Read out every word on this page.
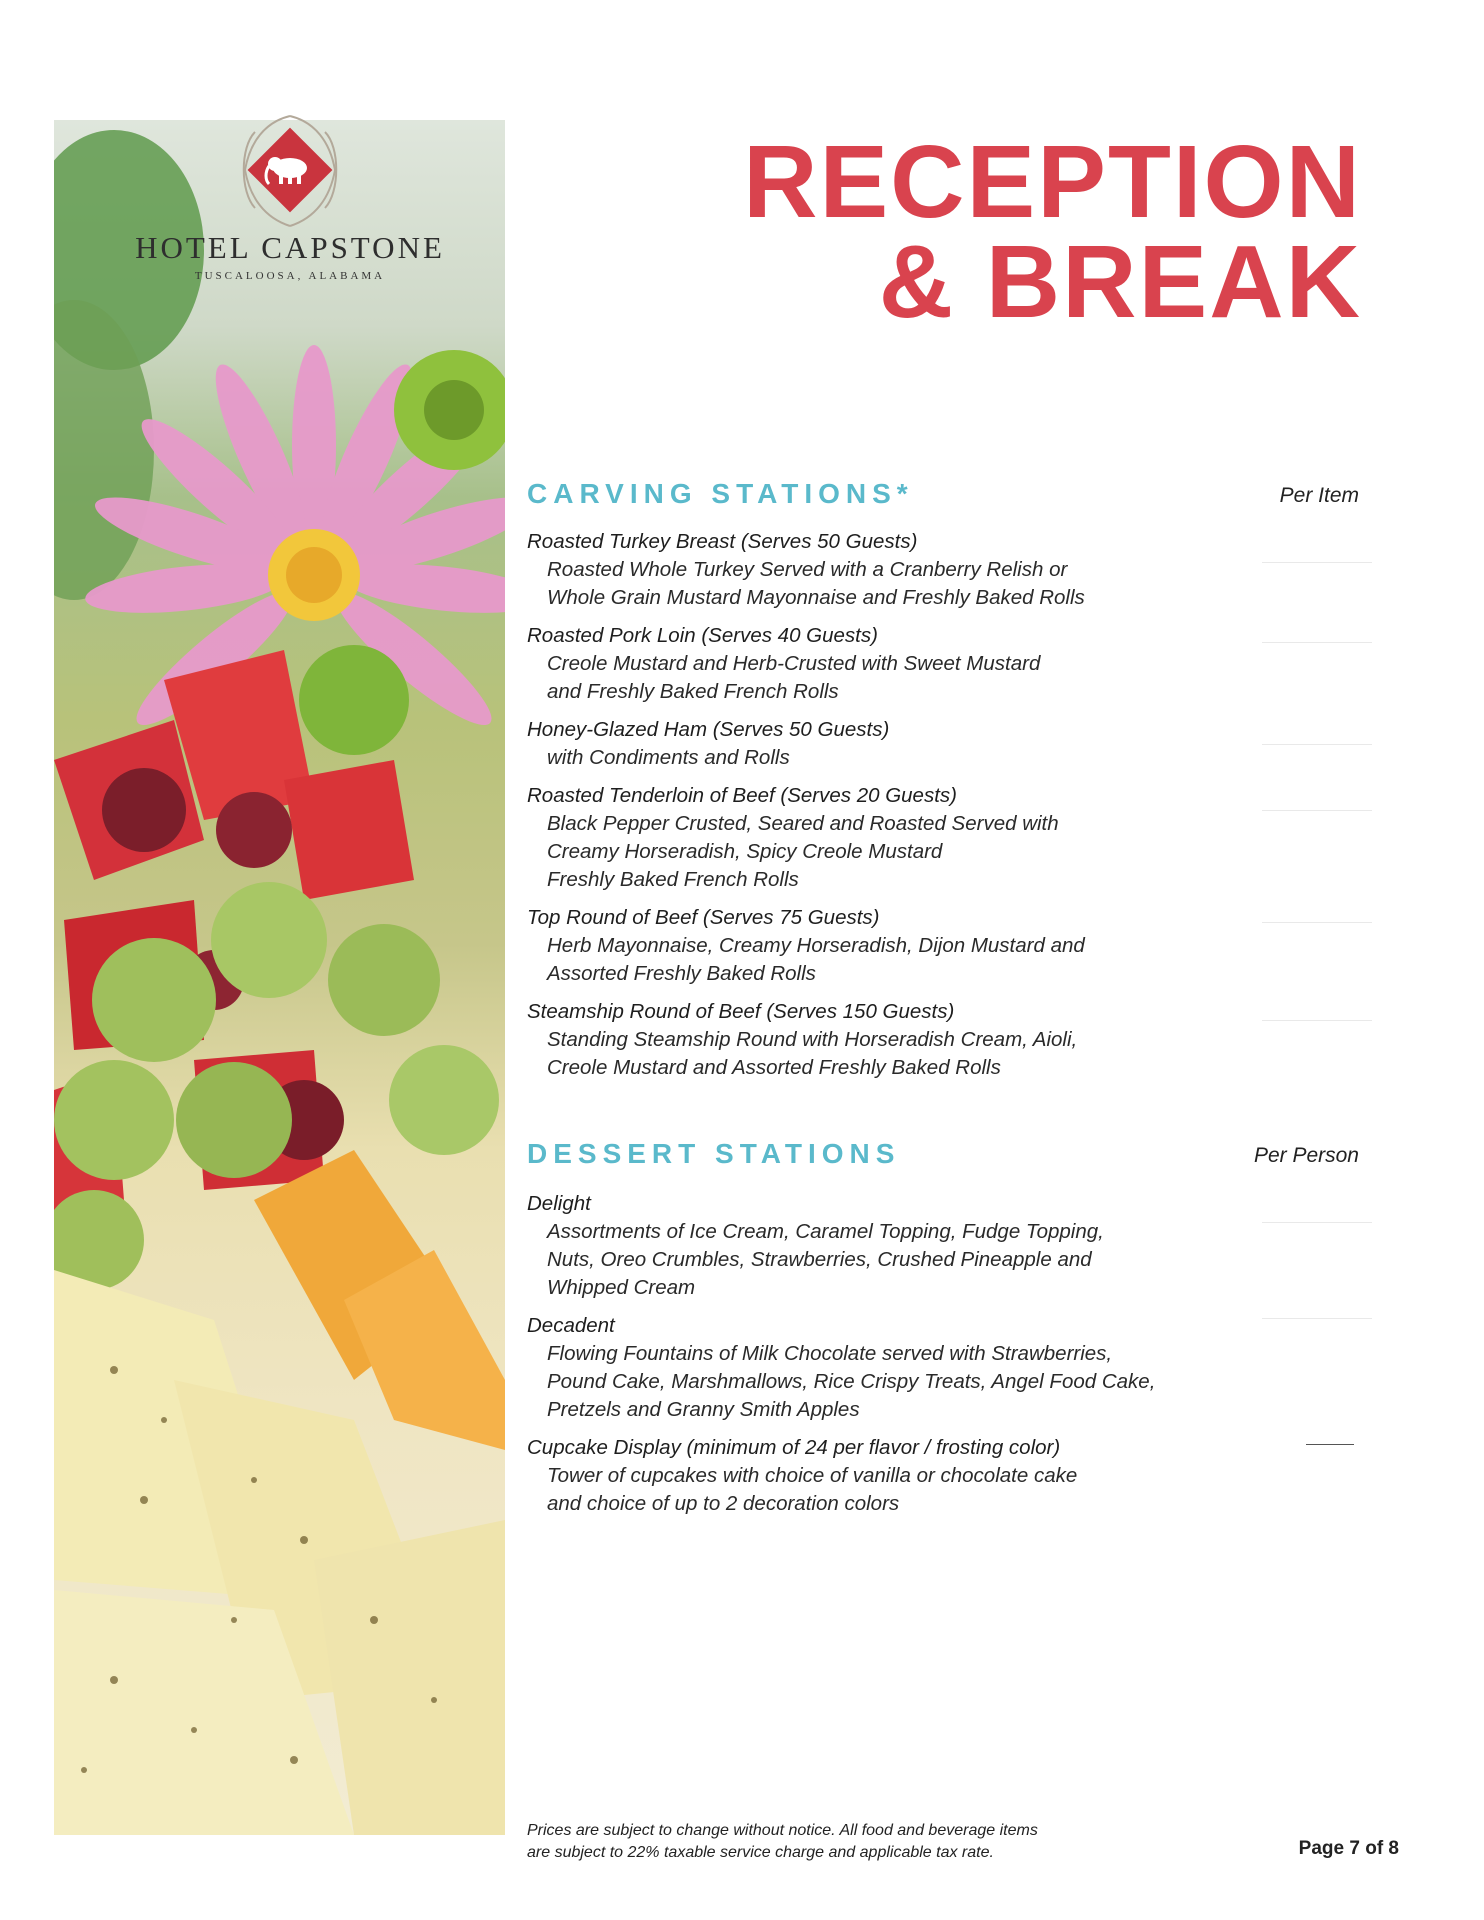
HOTEL CAPSTONE
TUSCALOOSA, ALABAMA
RECEPTION
& BREAK
CARVING STATIONS*	Per Item
Roasted Turkey Breast (Serves 50 Guests)
Roasted Whole Turkey Served with a Cranberry Relish or
Whole Grain Mustard Mayonnaise and Freshly Baked Rolls
Roasted Pork Loin (Serves 40 Guests)
Creole Mustard and Herb-Crusted with Sweet Mustard
and Freshly Baked French Rolls
Honey-Glazed Ham (Serves 50 Guests)
with Condiments and Rolls
Roasted Tenderloin of Beef (Serves 20 Guests)
Black Pepper Crusted, Seared and Roasted Served with
Creamy Horseradish, Spicy Creole Mustard
Freshly Baked French Rolls
Top Round of Beef (Serves 75 Guests)
Herb Mayonnaise, Creamy Horseradish, Dijon Mustard and
Assorted Freshly Baked Rolls
Steamship Round of Beef (Serves 150 Guests)
Standing Steamship Round with Horseradish Cream, Aioli,
Creole Mustard and Assorted Freshly Baked Rolls
DESSERT STATIONS	Per Person
Delight
Assortments of Ice Cream, Caramel Topping, Fudge Topping,
Nuts, Oreo Crumbles, Strawberries, Crushed Pineapple and
Whipped Cream
Decadent
Flowing Fountains of Milk Chocolate served with Strawberries,
Pound Cake, Marshmallows, Rice Crispy Treats, Angel Food Cake,
Pretzels and Granny Smith Apples
Cupcake Display (minimum of 24 per flavor / frosting color)
Tower of cupcakes with choice of vanilla or chocolate cake
and choice of up to 2 decoration colors
Prices are subject to change without notice. All food and beverage items
are subject to 22% taxable service charge and applicable tax rate.	Page 7 of 8
